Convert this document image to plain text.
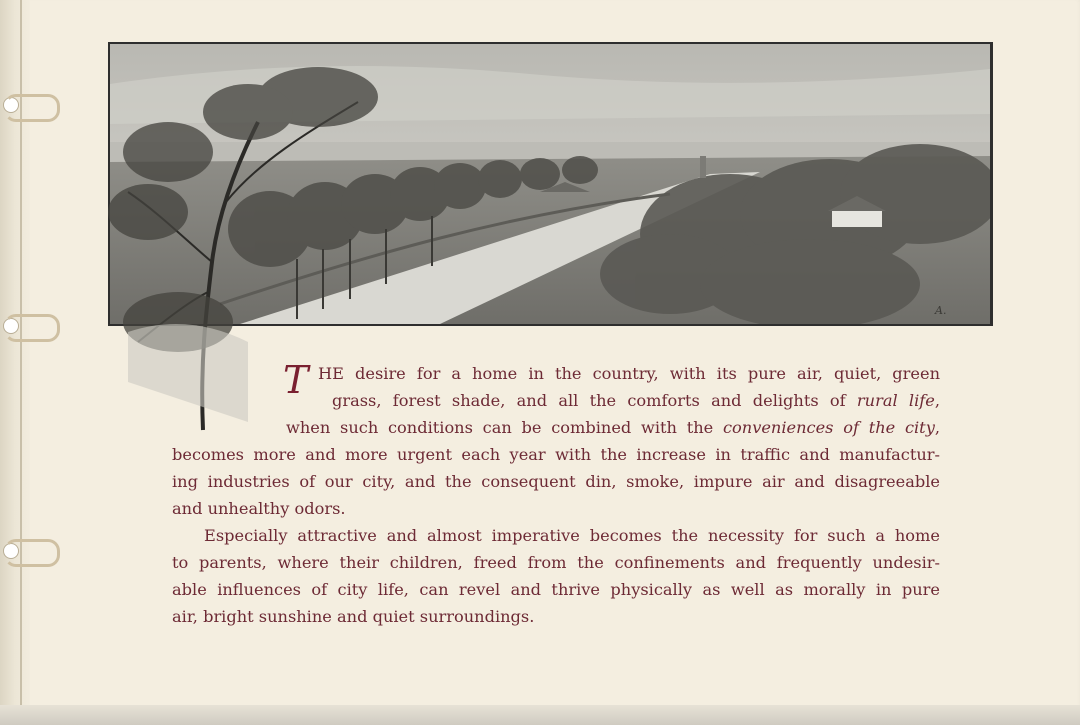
A.
T HE desire for a home in the country, with its pure air, quiet, green
grass, forest shade, and all the comforts and delights of rural life,
when such conditions can be combined with the conveniences of the city,
becomes more and more urgent each year with the increase in traffic and manufactur-
ing industries of our city, and the consequent din, smoke, impure air and disagreeable
and unhealthy odors.
Especially attractive and almost imperative becomes the necessity for such a home
to parents, where their children, freed from the confinements and frequently undesir-
able influences of city life, can revel and thrive physically as well as morally in pure
air, bright sunshine and quiet surroundings.
